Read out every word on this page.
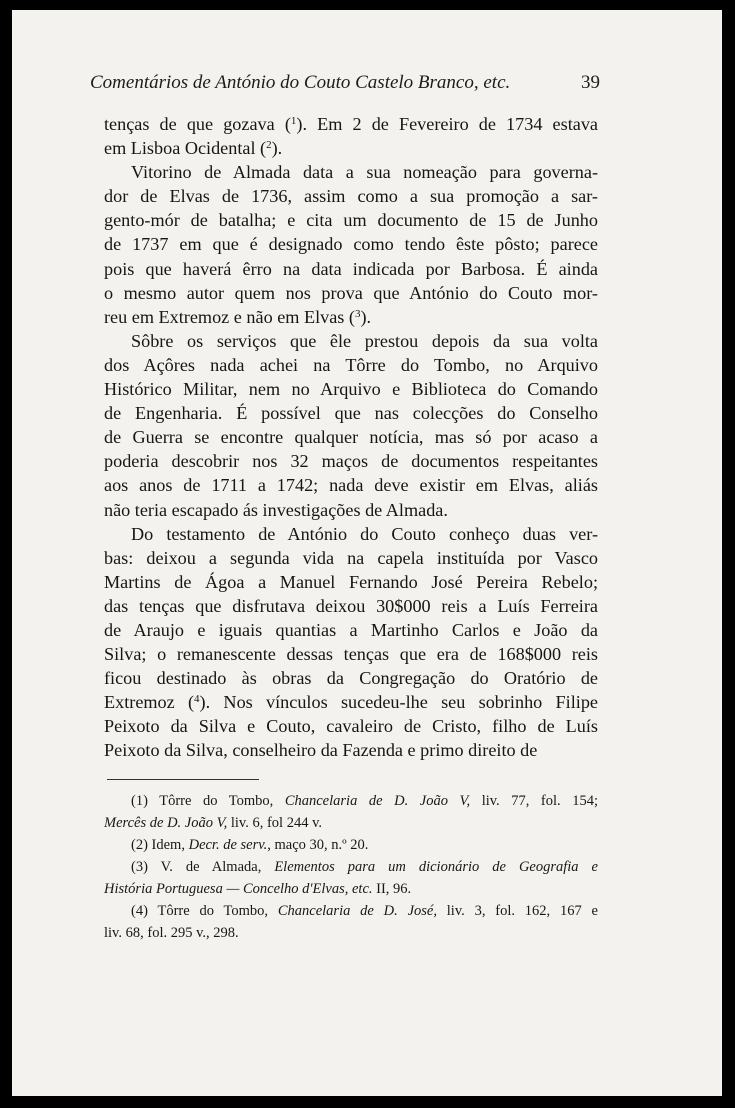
Comentários de António do Couto Castelo Branco, etc.	39
tenças de que gozava ($^1$). Em 2 de Fevereiro de 1734 estava
em Lisboa Ocidental ($^2$).
Vitorino de Almada data a sua nomeação para governa-
dor de Elvas de 1736, assim como a sua promoção a sar-
gento-mór de batalha; e cita um documento de 15 de Junho
de 1737 em que é designado como tendo êste pôsto; parece
pois que haverá êrro na data indicada por Barbosa. É ainda
o mesmo autor quem nos prova que António do Couto mor-
reu em Extremoz e não em Elvas ($^3$).
Sôbre os serviços que êle prestou depois da sua volta
dos Açôres nada achei na Tôrre do Tombo, no Arquivo
Histórico Militar, nem no Arquivo e Biblioteca do Comando
de Engenharia. É possível que nas colecções do Conselho
de Guerra se encontre qualquer notícia, mas só por acaso a
poderia descobrir nos 32 maços de documentos respeitantes
aos anos de 1711 a 1742; nada deve existir em Elvas, aliás
não teria escapado ás investigações de Almada.
Do testamento de António do Couto conheço duas ver-
bas: deixou a segunda vida na capela instituída por Vasco
Martins de Ágoa a Manuel Fernando José Pereira Rebelo;
das tenças que disfrutava deixou 30$000 reis a Luís Ferreira
de Araujo e iguais quantias a Martinho Carlos e João da
Silva; o remanescente dessas tenças que era de 168$000 reis
ficou destinado às obras da Congregação do Oratório de
Extremoz ($^4$). Nos vínculos sucedeu-lhe seu sobrinho Filipe
Peixoto da Silva e Couto, cavaleiro de Cristo, filho de Luís
Peixoto da Silva, conselheiro da Fazenda e primo direito de
(1) Tôrre do Tombo, Chancelaria de D. João V, liv. 77, fol. 154;
Mercês de D. João V, liv. 6, fol 244 v.
(2) Idem, Decr. de serv., maço 30, n.º 20.
(3) V. de Almada, Elementos para um dicionário de Geografia e
História Portuguesa — Concelho d'Elvas, etc. II, 96.
(4) Tôrre do Tombo, Chancelaria de D. José, liv. 3, fol. 162, 167 e
liv. 68, fol. 295 v., 298.
